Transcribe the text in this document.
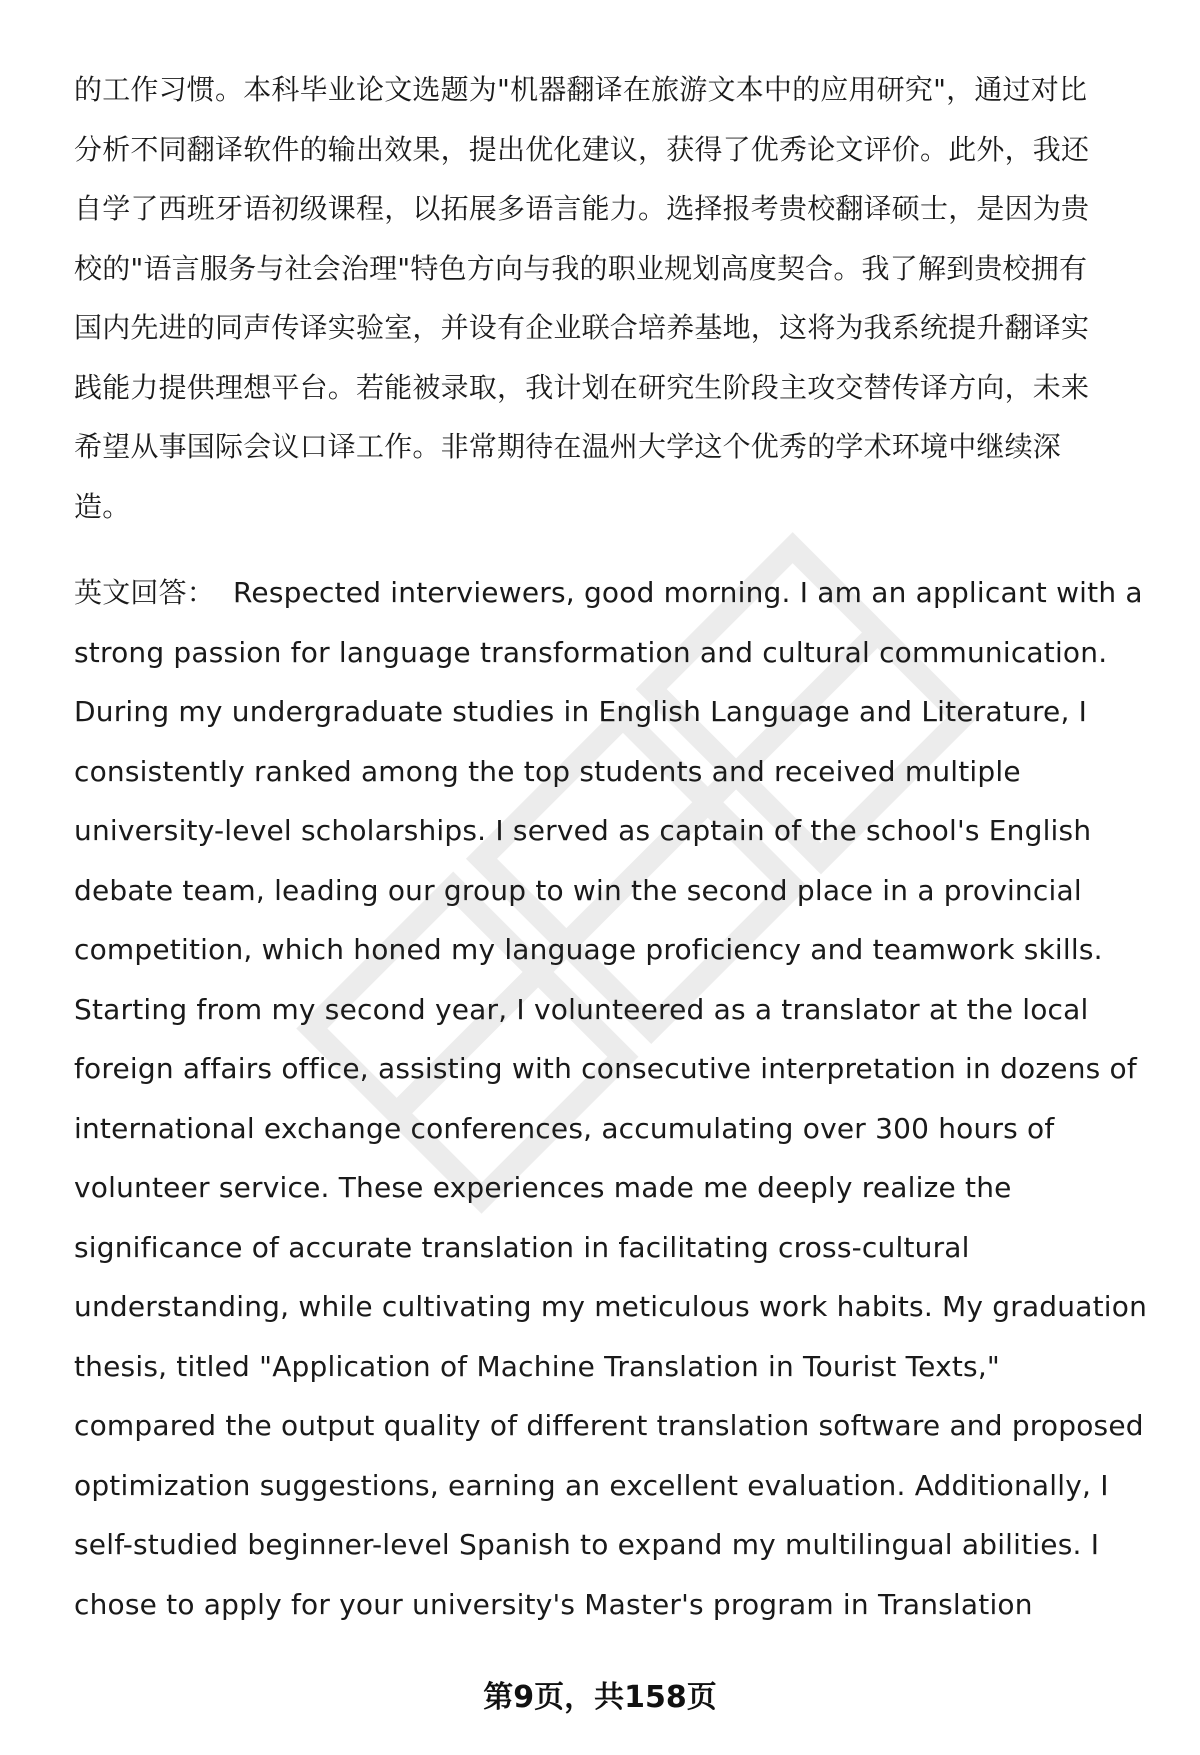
的工作习惯。本科毕业论文选题为"机器翻译在旅游文本中的应用研究"，通过对比
分析不同翻译软件的输出效果，提出优化建议，获得了优秀论文评价。此外，我还
自学了西班牙语初级课程，以拓展多语言能力。选择报考贵校翻译硕士，是因为贵
校的"语言服务与社会治理"特色方向与我的职业规划高度契合。我了解到贵校拥有
国内先进的同声传译实验室，并设有企业联合培养基地，这将为我系统提升翻译实
践能力提供理想平台。若能被录取，我计划在研究生阶段主攻交替传译方向，未来
希望从事国际会议口译工作。非常期待在温州大学这个优秀的学术环境中继续深
造。
英文回答： Respected interviewers, good morning. I am an applicant with a
strong passion for language transformation and cultural communication.
During my undergraduate studies in English Language and Literature, I
consistently ranked among the top students and received multiple
university-level scholarships. I served as captain of the school's English
debate team, leading our group to win the second place in a provincial
competition, which honed my language proficiency and teamwork skills.
Starting from my second year, I volunteered as a translator at the local
foreign affairs office, assisting with consecutive interpretation in dozens of
international exchange conferences, accumulating over 300 hours of
volunteer service. These experiences made me deeply realize the
significance of accurate translation in facilitating cross-cultural
understanding, while cultivating my meticulous work habits. My graduation
thesis, titled "Application of Machine Translation in Tourist Texts,"
compared the output quality of different translation software and proposed
optimization suggestions, earning an excellent evaluation. Additionally, I
self-studied beginner-level Spanish to expand my multilingual abilities. I
chose to apply for your university's Master's program in Translation
第9页，共158页
